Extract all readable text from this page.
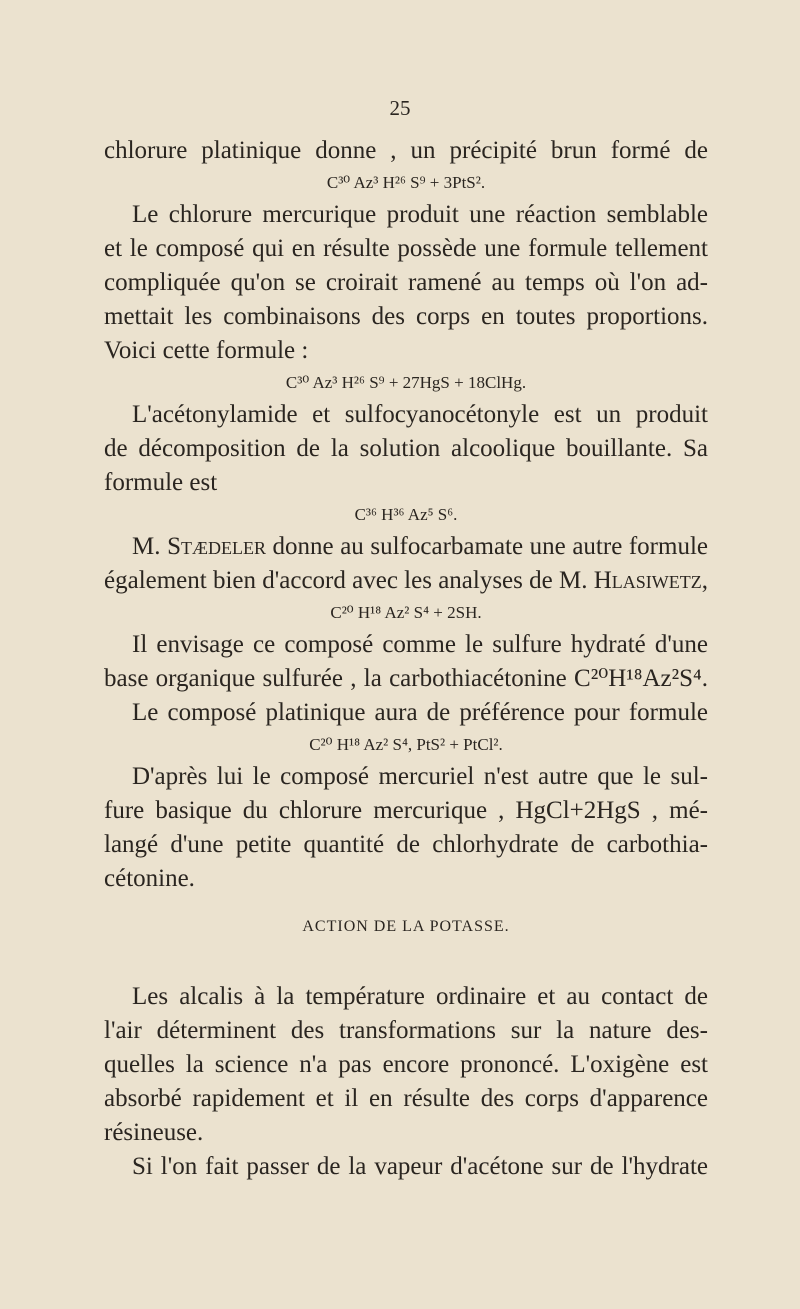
25
chlorure platinique donne , un précipité brun formé de
C³⁰ Az³ H²⁶ S⁹ + 3PtS².
Le chlorure mercurique produit une réaction semblable
et le composé qui en résulte possède une formule tellement
compliquée qu'on se croirait ramené au temps où l'on ad-
mettait les combinaisons des corps en toutes proportions.
Voici cette formule :
C³⁰ Az³ H²⁶ S⁹ + 27HgS + 18ClHg.
L'acétonylamide et sulfocyanocétonyle est un produit
de décomposition de la solution alcoolique bouillante. Sa
formule est
C³⁶ H³⁶ Az⁵ S⁶.
M. Stædeler donne au sulfocarbamate une autre formule
également bien d'accord avec les analyses de M. Hlasiwetz,
C²⁰ H¹⁸ Az² S⁴ + 2SH.
Il envisage ce composé comme le sulfure hydraté d'une
base organique sulfurée , la carbothiacétonine C²⁰H¹⁸Az²S⁴.
Le composé platinique aura de préférence pour formule
C²⁰ H¹⁸ Az² S⁴, PtS² + PtCl².
D'après lui le composé mercuriel n'est autre que le sul-
fure basique du chlorure mercurique , HgCl+2HgS , mé-
langé d'une petite quantité de chlorhydrate de carbothia-
cétonine.
ACTION DE LA POTASSE.
Les alcalis à la température ordinaire et au contact de
l'air déterminent des transformations sur la nature des-
quelles la science n'a pas encore prononcé. L'oxigène est
absorbé rapidement et il en résulte des corps d'apparence
résineuse.
Si l'on fait passer de la vapeur d'acétone sur de l'hydrate
